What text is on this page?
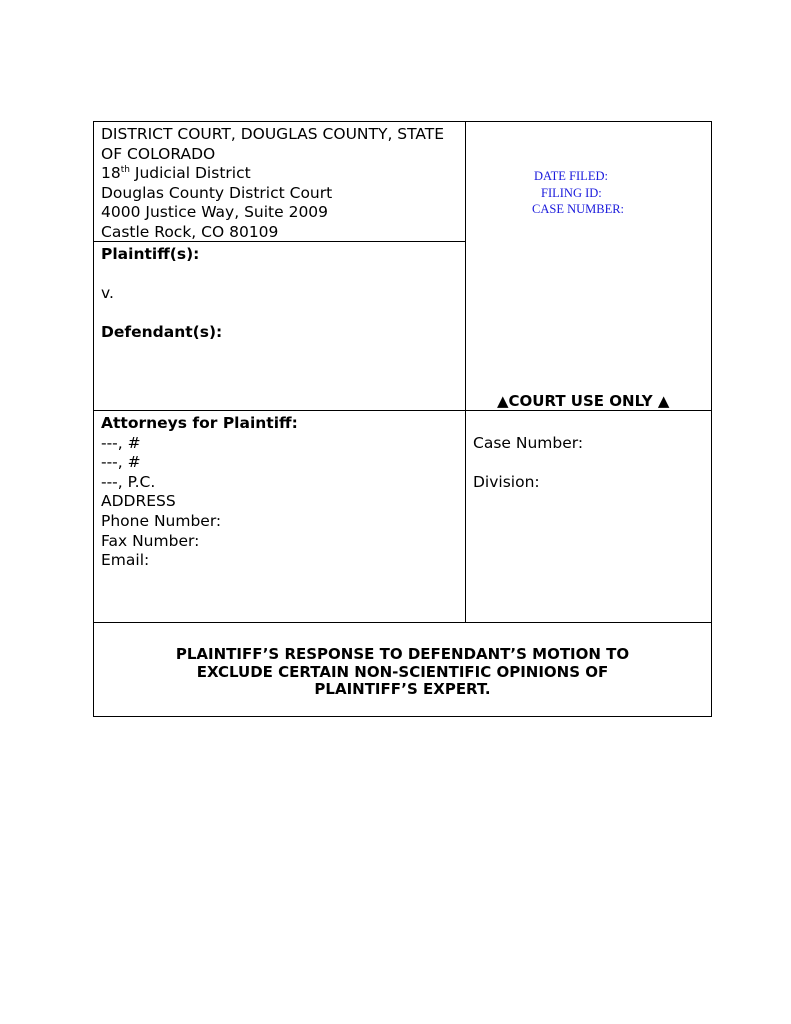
DISTRICT COURT, DOUGLAS COUNTY, STATE
OF COLORADO
18th Judicial District
Douglas County District Court
4000 Justice Way, Suite 2009
Castle Rock, CO 80109
DATE FILED:
FILING ID:
CASE NUMBER:
Plaintiff(s):
v.
Defendant(s):
▲COURT USE ONLY ▲
Attorneys for Plaintiff:
---, #
---, #
---, P.C.
ADDRESS
Phone Number:
Fax Number:
Email:
Case Number:
Division:
PLAINTIFF’S RESPONSE TO DEFENDANT’S MOTION TO
EXCLUDE CERTAIN NON-SCIENTIFIC OPINIONS OF
PLAINTIFF’S EXPERT.
